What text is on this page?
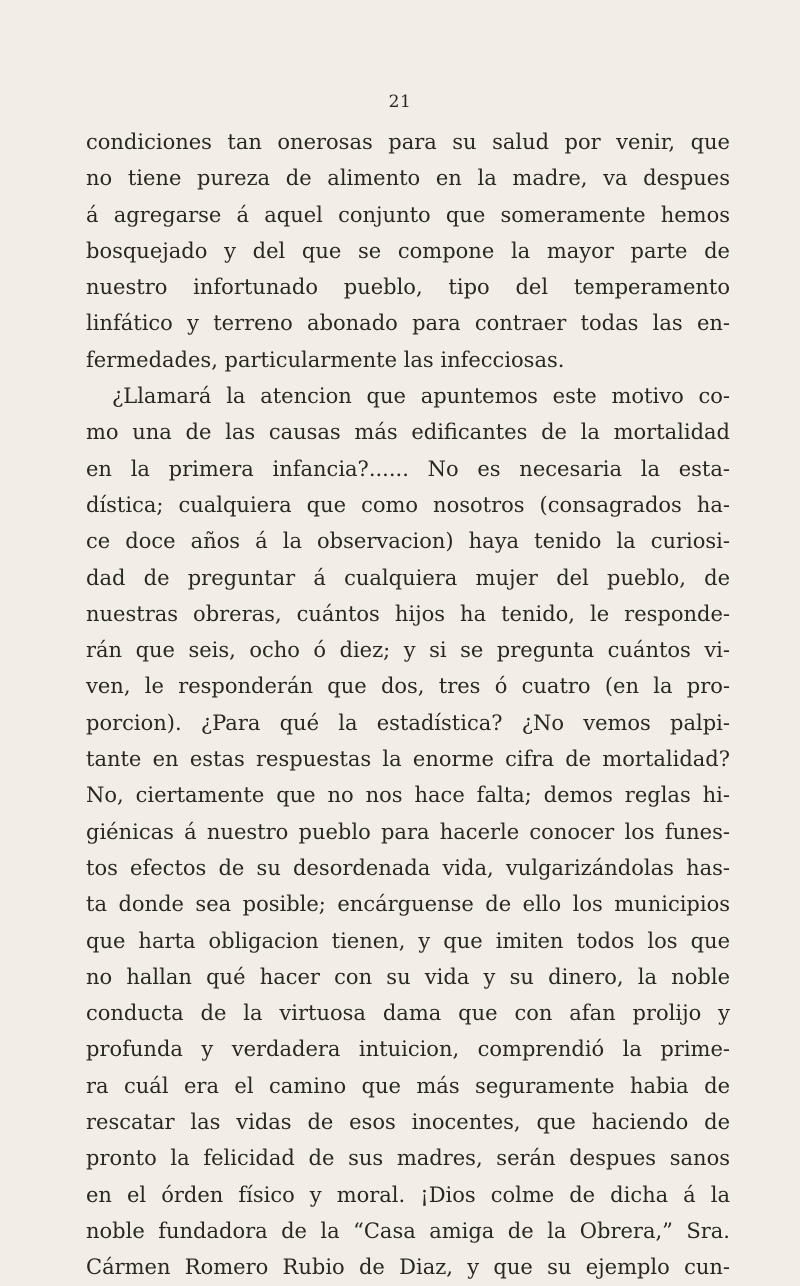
21
condiciones tan onerosas para su salud por venir, que
no tiene pureza de alimento en la madre, va despues
á agregarse á aquel conjunto que someramente hemos
bosquejado y del que se compone la mayor parte de
nuestro infortunado pueblo, tipo del temperamento
linfático y terreno abonado para contraer todas las en-
fermedades, particularmente las infecciosas.
¿Llamará la atencion que apuntemos este motivo co-
mo una de las causas más edificantes de la mortalidad
en la primera infancia?...... No es necesaria la esta-
dística; cualquiera que como nosotros (consagrados ha-
ce doce años á la observacion) haya tenido la curiosi-
dad de preguntar á cualquiera mujer del pueblo, de
nuestras obreras, cuántos hijos ha tenido, le responde-
rán que seis, ocho ó diez; y si se pregunta cuántos vi-
ven, le responderán que dos, tres ó cuatro (en la pro-
porcion). ¿Para qué la estadística? ¿No vemos palpi-
tante en estas respuestas la enorme cifra de mortalidad?
No, ciertamente que no nos hace falta; demos reglas hi-
giénicas á nuestro pueblo para hacerle conocer los funes-
tos efectos de su desordenada vida, vulgarizándolas has-
ta donde sea posible; encárguense de ello los municipios
que harta obligacion tienen, y que imiten todos los que
no hallan qué hacer con su vida y su dinero, la noble
conducta de la virtuosa dama que con afan prolijo y
profunda y verdadera intuicion, comprendió la prime-
ra cuál era el camino que más seguramente habia de
rescatar las vidas de esos inocentes, que haciendo de
pronto la felicidad de sus madres, serán despues sanos
en el órden físico y moral. ¡Dios colme de dicha á la
noble fundadora de la “Casa amiga de la Obrera,” Sra.
Cármen Romero Rubio de Diaz, y que su ejemplo cun-
